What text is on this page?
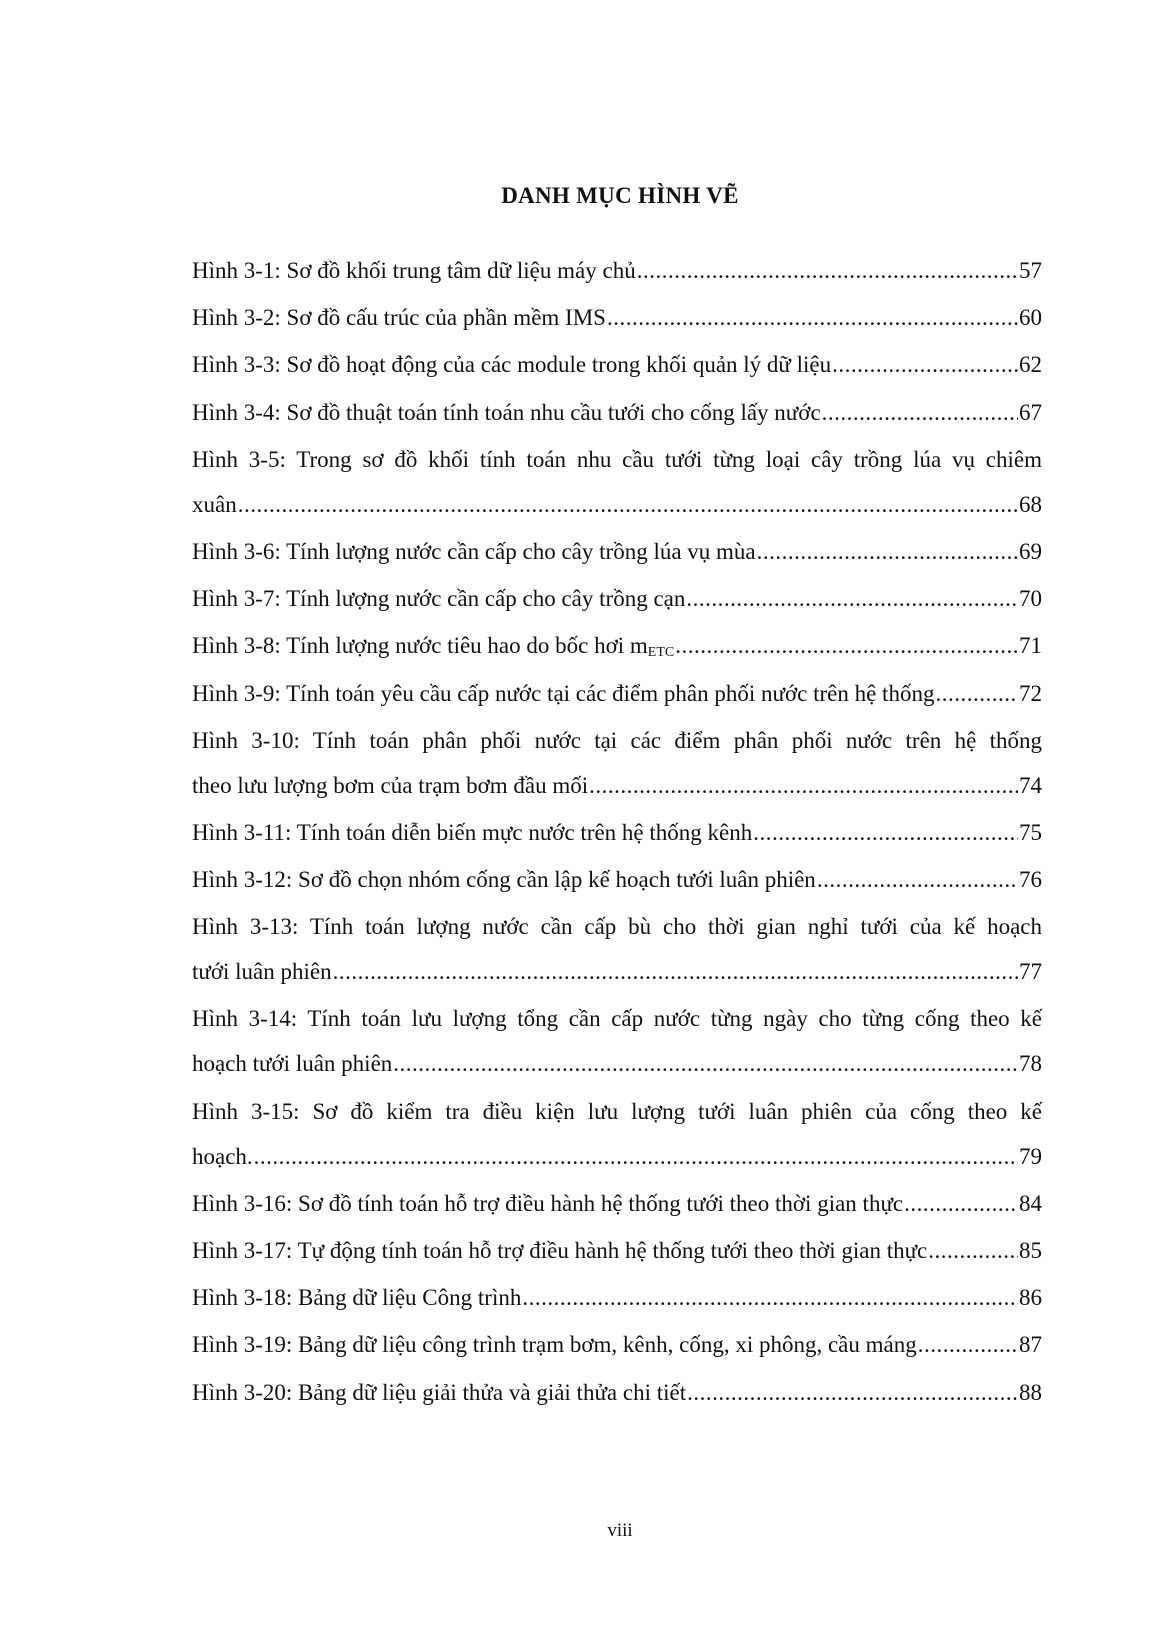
DANH MỤC HÌNH VẼ
Hình 3-1: Sơ đồ khối trung tâm dữ liệu máy chủ .....	57
Hình 3-2: Sơ đồ cấu trúc của phần mềm IMS .....	60
Hình 3-3: Sơ đồ hoạt động của các module trong khối quản lý dữ liệu .....	62
Hình 3-4: Sơ đồ thuật toán tính toán nhu cầu tưới cho cống lấy nước .....	67
Hình 3-5: Trong sơ đồ khối tính toán nhu cầu tưới từng loại cây trồng lúa vụ chiêm
xuân .....	68
Hình 3-6: Tính lượng nước cần cấp cho cây trồng lúa vụ mùa .....	69
Hình 3-7: Tính lượng nước cần cấp cho cây trồng cạn .....	70
Hình 3-8: Tính lượng nước tiêu hao do bốc hơi $m_{ETC}$ .....	71
Hình 3-9: Tính toán yêu cầu cấp nước tại các điểm phân phối nước trên hệ thống .....	72
Hình 3-10: Tính toán phân phối nước tại các điểm phân phối nước trên hệ thống
theo lưu lượng bơm của trạm bơm đầu mối .....	74
Hình 3-11: Tính toán diễn biến mực nước trên hệ thống kênh .....	75
Hình 3-12: Sơ đồ chọn nhóm cống cần lập kế hoạch tưới luân phiên .....	76
Hình 3-13: Tính toán lượng nước cần cấp bù cho thời gian nghỉ tưới của kế hoạch
tưới luân phiên .....	77
Hình 3-14: Tính toán lưu lượng tổng cần cấp nước từng ngày cho từng cống theo kế
hoạch tưới luân phiên .....	78
Hình 3-15: Sơ đồ kiểm tra điều kiện lưu lượng tưới luân phiên của cống theo kế
hoạch. .....	79
Hình 3-16: Sơ đồ tính toán hỗ trợ điều hành hệ thống tưới theo thời gian thực .....	84
Hình 3-17: Tự động tính toán hỗ trợ điều hành hệ thống tưới theo thời gian thực .....	85
Hình 3-18: Bảng dữ liệu Công trình .....	86
Hình 3-19: Bảng dữ liệu công trình trạm bơm, kênh, cống, xi phông, cầu máng .....	87
Hình 3-20: Bảng dữ liệu giải thửa và giải thửa chi tiết .....	88
viii
